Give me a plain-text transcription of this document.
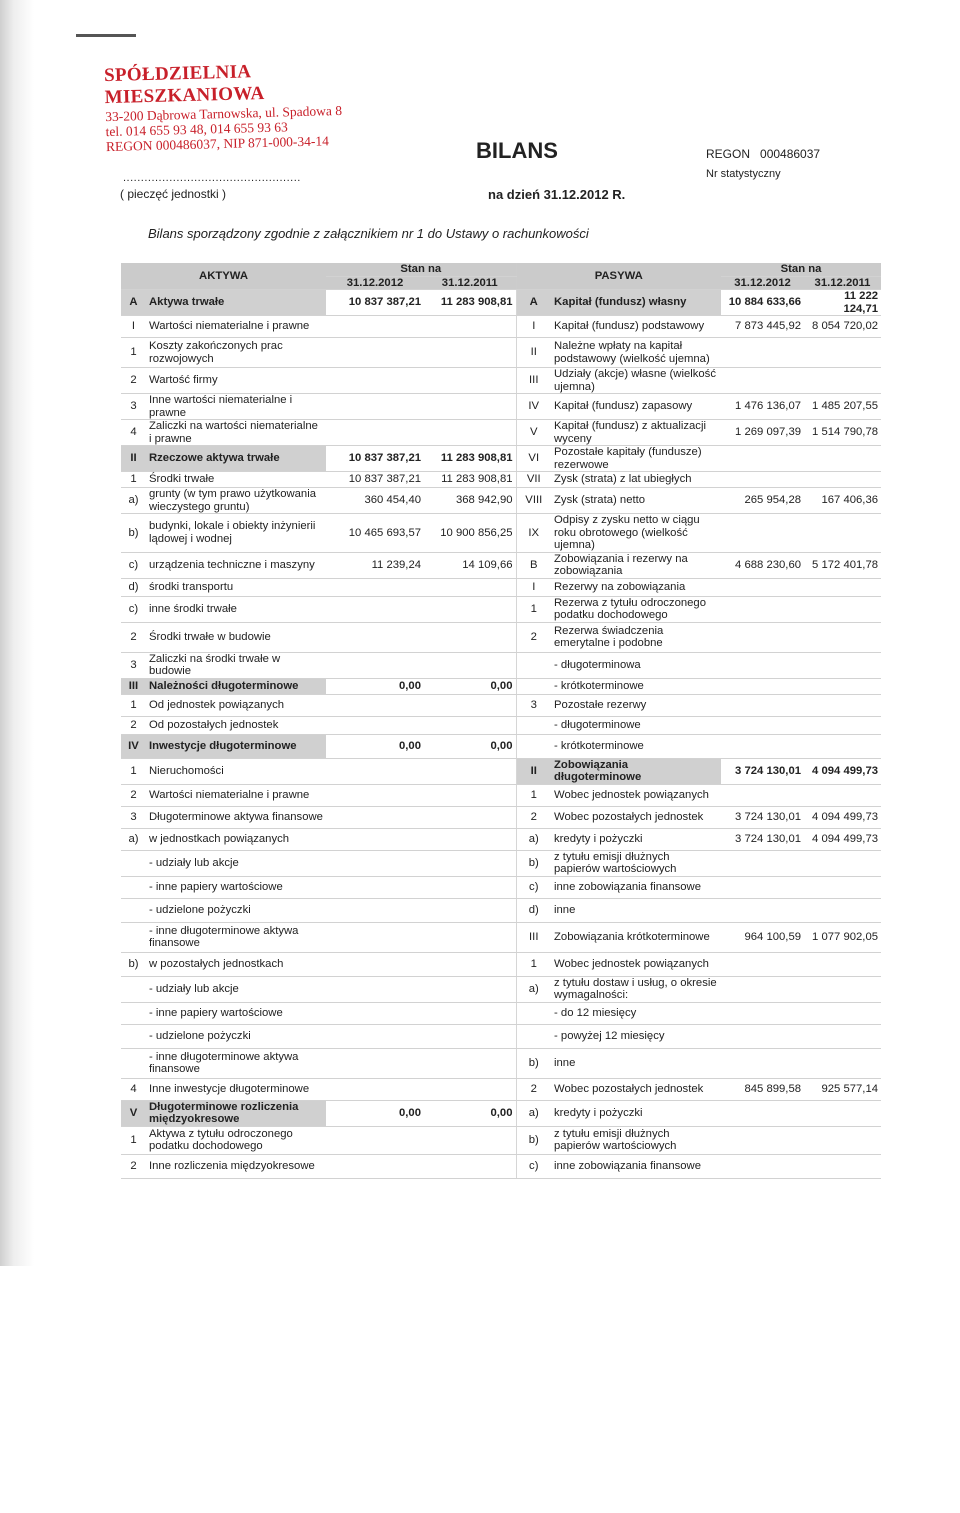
SPÓŁDZIELNIA MIESZKANIOWA
33-200 Dąbrowa Tarnowska, ul. Spadowa 8
tel. 014 655 93 48, 014 655 93 63
REGON 000486037, NIP 871-000-34-14
..................................................
( pieczęć jednostki )
BILANS
na dzień 31.12.2012 R.
REGON 000486037
Nr statystyczny
Bilans sporządzony zgodnie z załącznikiem nr 1 do Ustawy o rachunkowości
AKTYWA		Stan na		PASYWA		Stan na	
		31.12.2012	31.12.2011			31.12.2012	31.12.2011
A	Aktywa trwałe	10 837 387,21	11 283 908,81	A	Kapitał (fundusz) własny	10 884 633,66	11 222 124,71
I	Wartości niematerialne i prawne			I	Kapitał (fundusz) podstawowy	7 873 445,92	8 054 720,02
1	Koszty zakończonych prac rozwojowych			II	Należne wpłaty na kapitał podstawowy (wielkość ujemna)		
2	Wartość firmy			III	Udziały (akcje) własne (wielkość ujemna)		
3	Inne wartości niematerialne i prawne			IV	Kapitał (fundusz) zapasowy	1 476 136,07	1 485 207,55
4	Zaliczki na wartości niematerialne i prawne			V	Kapitał (fundusz) z aktualizacji wyceny	1 269 097,39	1 514 790,78
II	Rzeczowe aktywa trwałe	10 837 387,21	11 283 908,81	VI	Pozostałe kapitały (fundusze) rezerwowe		
1	Środki trwałe	10 837 387,21	11 283 908,81	VII	Zysk (strata) z lat ubiegłych		
a)	grunty (w tym prawo użytkowania wieczystego gruntu)	360 454,40	368 942,90	VIII	Zysk (strata) netto	265 954,28	167 406,36
b)	budynki, lokale i obiekty inżynierii lądowej i wodnej	10 465 693,57	10 900 856,25	IX	Odpisy z zysku netto w ciągu roku obrotowego (wielkość ujemna)		
c)	urządzenia techniczne i maszyny	11 239,24	14 109,66	B	Zobowiązania i rezerwy na zobowiązania	4 688 230,60	5 172 401,78
d)	środki transportu			I	Rezerwy na zobowiązania		
c)	inne środki trwałe			1	Rezerwa z tytułu odroczonego podatku dochodowego		
2	Środki trwałe w budowie			2	Rezerwa świadczenia emerytalne i podobne		
3	Zaliczki na środki trwałe w budowie				- długoterminowa		
III	Należności długoterminowe	0,00	0,00		- krótkoterminowe		
1	Od jednostek powiązanych			3	Pozostałe rezerwy		
2	Od pozostałych jednostek				- długoterminowe		
IV	Inwestycje długoterminowe	0,00	0,00		- krótkoterminowe		
1	Nieruchomości			II	Zobowiązania długoterminowe	3 724 130,01	4 094 499,73
2	Wartości niematerialne i prawne			1	Wobec jednostek powiązanych		
3	Długoterminowe aktywa finansowe			2	Wobec pozostałych jednostek	3 724 130,01	4 094 499,73
a)	w jednostkach powiązanych			a)	kredyty i pożyczki	3 724 130,01	4 094 499,73
	- udziały lub akcje			b)	z tytułu emisji dłużnych papierów wartościowych		
	- inne papiery wartościowe			c)	inne zobowiązania finansowe		
	- udzielone pożyczki			d)	inne		
	- inne długoterminowe aktywa finansowe			III	Zobowiązania krótkoterminowe	964 100,59	1 077 902,05
b)	w pozostałych jednostkach			1	Wobec jednostek powiązanych		
	- udziały lub akcje			a)	z tytułu dostaw i usług, o okresie wymagalności:		
	- inne papiery wartościowe				- do 12 miesięcy		
	- udzielone pożyczki				- powyżej 12 miesięcy		
	- inne długoterminowe aktywa finansowe			b)	inne		
4	Inne inwestycje długoterminowe			2	Wobec pozostałych jednostek	845 899,58	925 577,14
V	Długoterminowe rozliczenia międzyokresowe	0,00	0,00	a)	kredyty i pożyczki		
1	Aktywa z tytułu odroczonego podatku dochodowego			b)	z tytułu emisji dłużnych papierów wartościowych		
2	Inne rozliczenia międzyokresowe			c)	inne zobowiązania finansowe		
